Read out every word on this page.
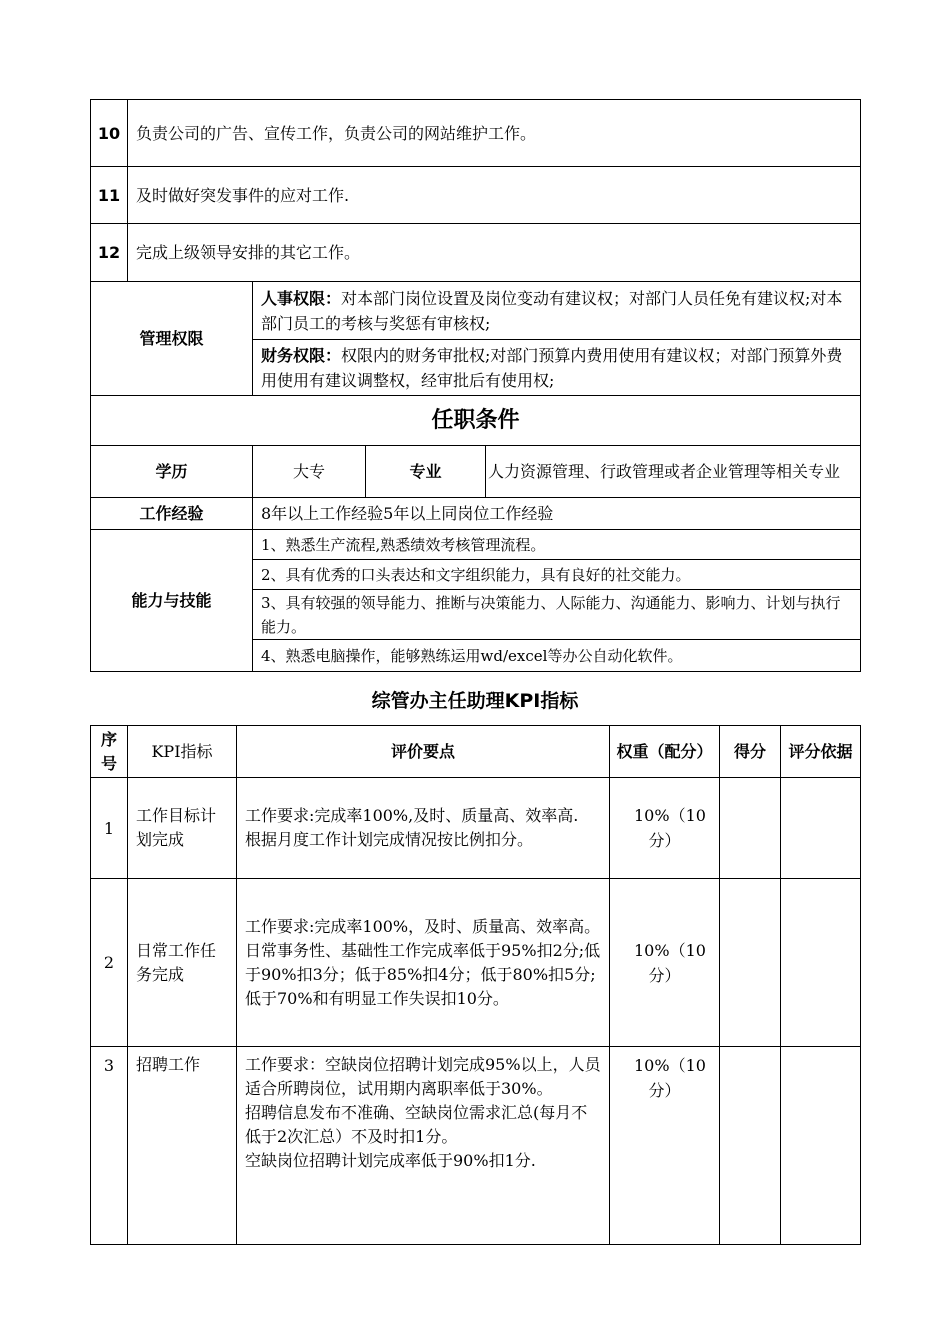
10	负责公司的广告、宣传工作，负责公司的网站维护工作。			
11	及时做好突发事件的应对工作.			
12	完成上级领导安排的其它工作。			
管理权限		人事权限：对本部门岗位设置及岗位变动有建议权；对部门人员任免有建议权;对本部门员工的考核与奖惩有审核权;		
		财务权限：权限内的财务审批权;对部门预算内费用使用有建议权；对部门预算外费用使用有建议调整权，经审批后有使用权;		
任职条件				
学历		大专	专业	人力资源管理、行政管理或者企业管理等相关专业
工作经验		8年以上工作经验5年以上同岗位工作经验		
能力与技能		1、熟悉生产流程,熟悉绩效考核管理流程。		
		2、具有优秀的口头表达和文字组织能力，具有良好的社交能力。		
		3、具有较强的领导能力、推断与决策能力、人际能力、沟通能力、影响力、计划与执行能力。		
		4、熟悉电脑操作，能够熟练运用wd/excel等办公自动化软件。		
综管办主任助理KPI指标
序号	KPI指标	评价要点	权重（配分）	得分	评分依据
1	工作目标计划完成	工作要求:完成率100%,及时、质量高、效率高.
根据月度工作计划完成情况按比例扣分。	10%（10分）		
2	日常工作任务完成	工作要求:完成率100%，及时、质量高、效率高。
日常事务性、基础性工作完成率低于95%扣2分;低于90%扣3分；低于85%扣4分；低于80%扣5分;低于70%和有明显工作失误扣10分。	10%（10分）		
3	招聘工作	工作要求：空缺岗位招聘计划完成95%以上，人员适合所聘岗位，试用期内离职率低于30%。
招聘信息发布不准确、空缺岗位需求汇总(每月不低于2次汇总）不及时扣1分。
空缺岗位招聘计划完成率低于90%扣1分.	10%（10分）		
